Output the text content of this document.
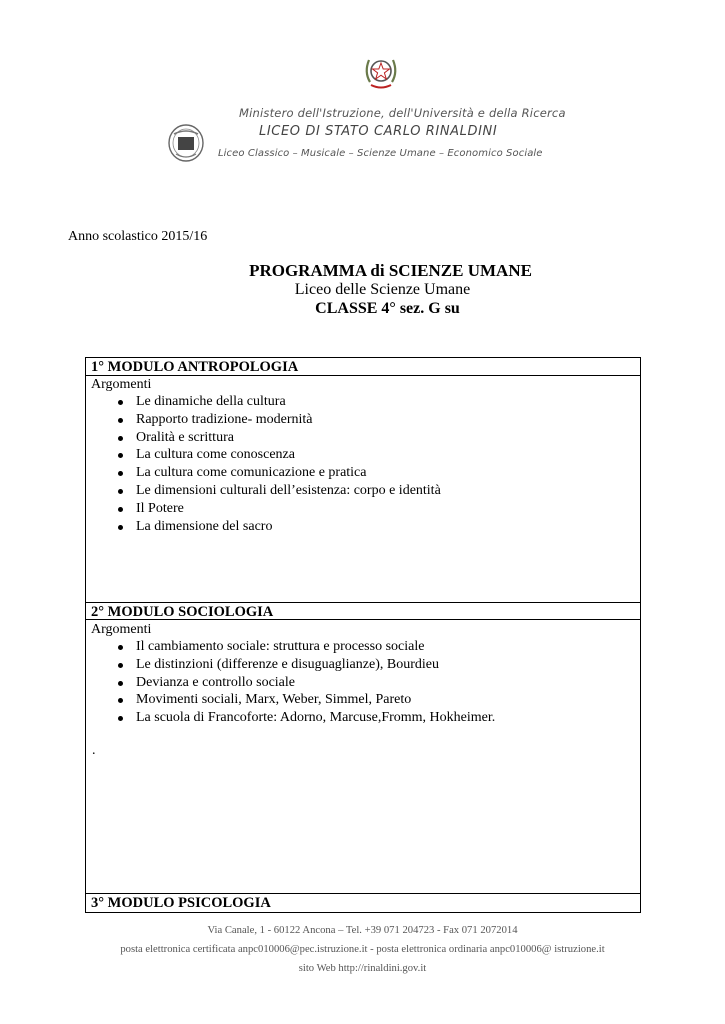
Ministero dell'Istruzione, dell'Università e della Ricerca
LICEO DI STATO CARLO RINALDINI
Liceo Classico – Musicale – Scienze Umane – Economico Sociale
Anno scolastico 2015/16
PROGRAMMA di SCIENZE UMANE
Liceo delle Scienze Umane
CLASSE 4° sez. G su
1° MODULO ANTROPOLOGIA
Argomenti
Le dinamiche della cultura
Rapporto tradizione- modernità
Oralità e scrittura
La cultura come conoscenza
La cultura come comunicazione e pratica
Le dimensioni culturali dell’esistenza: corpo e identità
Il Potere
La dimensione del sacro
2° MODULO SOCIOLOGIA
Argomenti
Il cambiamento sociale: struttura e processo sociale
Le distinzioni (differenze e disuguaglianze), Bourdieu
Devianza e controllo sociale
Movimenti sociali, Marx, Weber, Simmel, Pareto
La scuola di Francoforte: Adorno, Marcuse,Fromm, Hokheimer.
.
3° MODULO PSICOLOGIA
Via Canale, 1 - 60122 Ancona – Tel. +39 071 204723 - Fax 071 2072014
posta elettronica certificata anpc010006@pec.istruzione.it - posta elettronica ordinaria anpc010006@ istruzione.it
sito Web http://rinaldini.gov.it
